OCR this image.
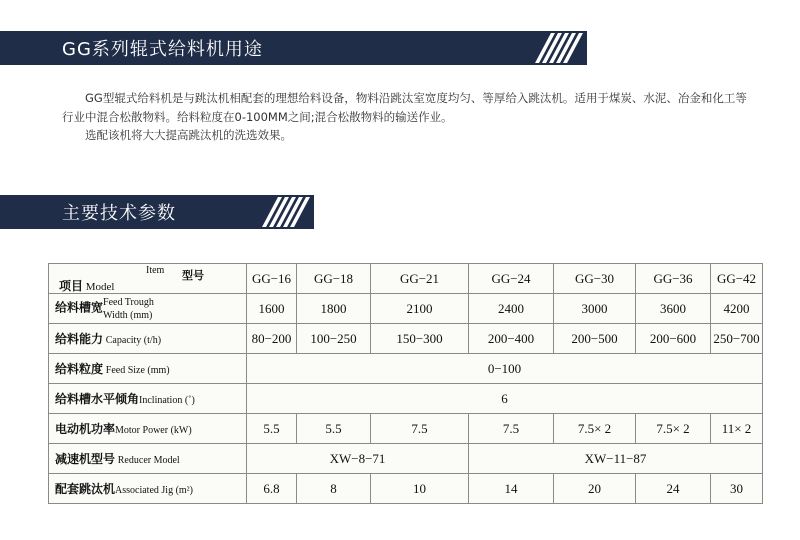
GG系列辊式给料机用途

GG型辊式给料机是与跳汰机相配套的理想给料设备，物料沿跳汰室宽度均匀、等厚给入跳汰机。适用于煤炭、水泥、冶金和化工等行业中混合松散物料。给料粒度在0-100MM之间;混合松散物料的输送作业。

选配该机将大大提高跳汰机的洗选效果。

主要技术参数
Item 型号
项目 Model	GG−16	GG−18	GG−21	GG−24	GG−30	GG−36	GG−42
给料槽宽Feed Trough
Width (mm)	1600	1800	2100	2400	3000	3600	4200
给料能力 Capacity (t/h)	80−200	100−250	150−300	200−400	200−500	200−600	250−700
给料粒度 Feed Size (mm)	0−100						
给料槽水平倾角Inclination (˚)	6						
电动机功率Motor Power (kW)	5.5	5.5	7.5	7.5	7.5× 2	7.5× 2	11× 2
减速机型号 Reducer Model	XW−8−71			XW−11−87			
配套跳汰机Associated Jig (m²)	6.8	8	10	14	20	24	30
